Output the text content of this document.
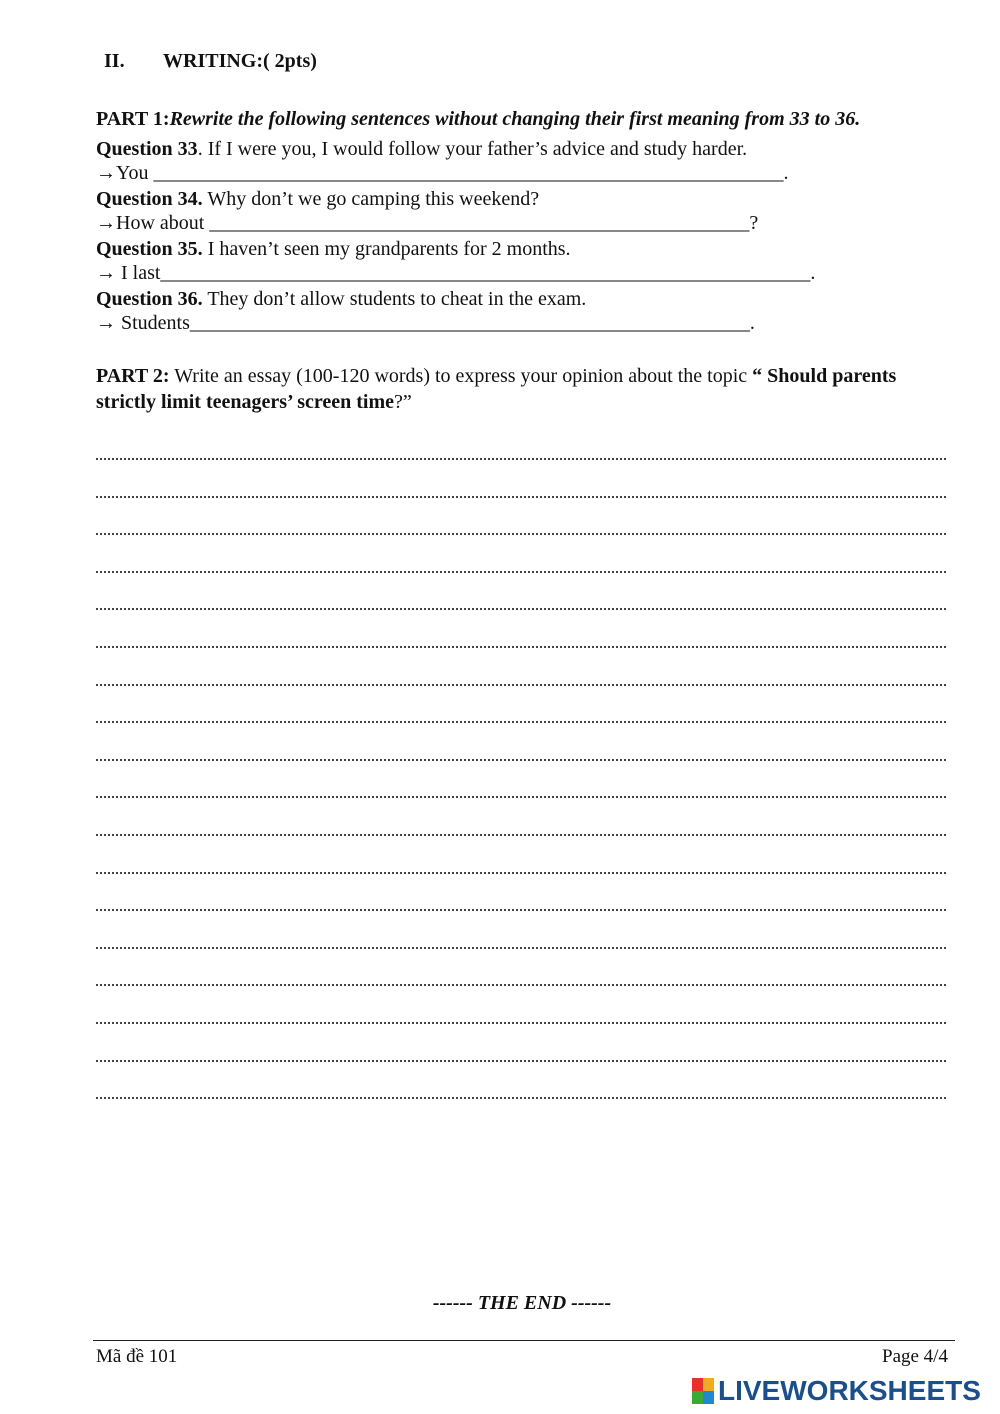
II. WRITING:( 2pts)
PART 1:Rewrite the following sentences without changing their first meaning from 33 to 36.
Question 33. If I were you, I would follow your father’s advice and study harder.
→You _______________________________________________________________.
Question 34. Why don’t we go camping this weekend?
→How about ______________________________________________________?
Question 35. I haven’t seen my grandparents for 2 months.
→ I last_________________________________________________________________.
Question 36. They don’t allow students to cheat in the exam.
→ Students________________________________________________________.
PART 2: Write an essay (100-120 words) to express your opinion about the topic “ Should parents strictly limit teenagers’ screen time?”
------ THE END ------
Mã đề 101	Page 4/4
LIVEWORKSHEETS
